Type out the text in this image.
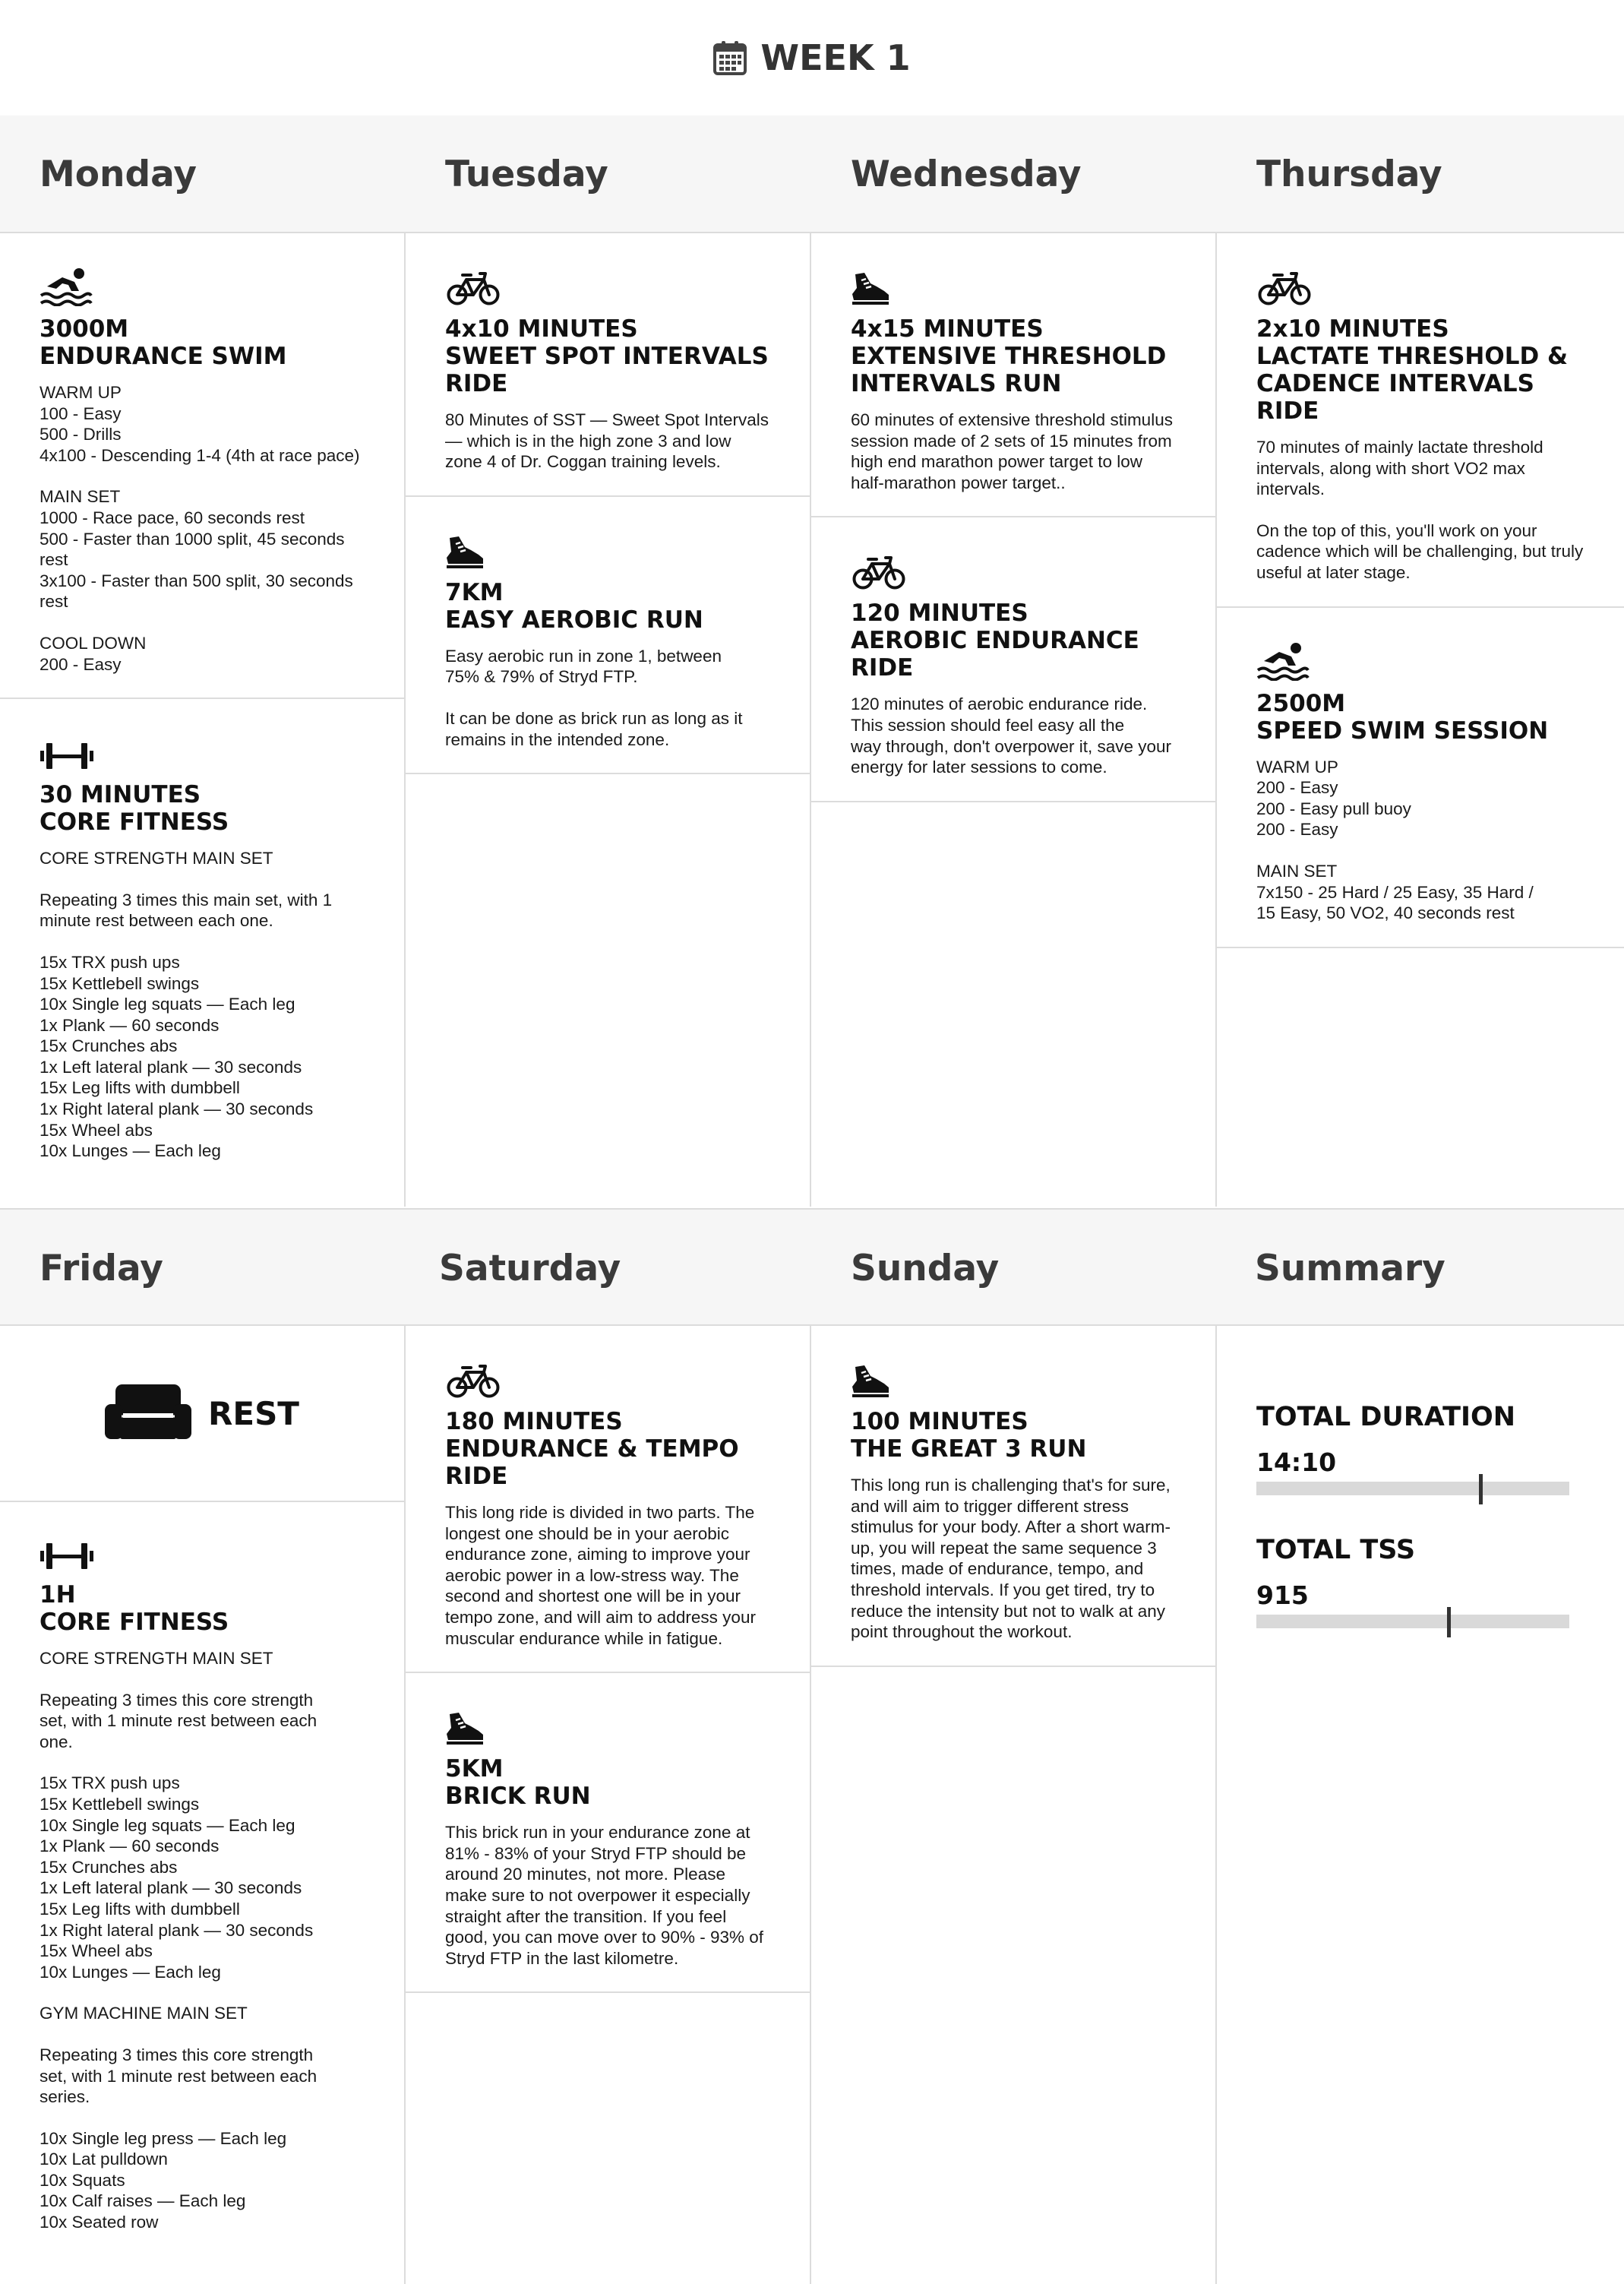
WEEK 1
Monday	Tuesday	Wednesday	Thursday
3000M
ENDURANCE SWIM

WARM UP
100 - Easy
500 - Drills
4x100 - Descending 1-4 (4th at race pace)

MAIN SET
1000 - Race pace, 60 seconds rest
500 - Faster than 1000 split, 45 seconds rest
3x100 - Faster than 500 split, 30 seconds rest

COOL DOWN
200 - Easy

30 MINUTES
CORE FITNESS

CORE STRENGTH MAIN SET

Repeating 3 times this main set, with 1 minute rest between each one.

15x TRX push ups
15x Kettlebell swings
10x Single leg squats — Each leg
1x Plank — 60 seconds
15x Crunches abs
1x Left lateral plank — 30 seconds
15x Leg lifts with dumbbell
1x Right lateral plank — 30 seconds
15x Wheel abs
10x Lunges — Each leg

4x10 MINUTES
SWEET SPOT INTERVALS RIDE

80 Minutes of SST — Sweet Spot Intervals — which is in the high zone 3 and low zone 4 of Dr. Coggan training levels.

7KM
EASY AEROBIC RUN

Easy aerobic run in zone 1, between
75% & 79% of Stryd FTP.

It can be done as brick run as long as it remains in the intended zone.

4x15 MINUTES
EXTENSIVE THRESHOLD INTERVALS RUN

60 minutes of extensive threshold stimulus session made of 2 sets of 15 minutes from high end marathon power target to low half-marathon power target..

120 MINUTES
AEROBIC ENDURANCE RIDE

120 minutes of aerobic endurance ride.
This session should feel easy all the
way through, don't overpower it, save your energy for later sessions to come.

2x10 MINUTES
LACTATE THRESHOLD & CADENCE INTERVALS RIDE

70 minutes of mainly lactate threshold intervals, along with short VO2 max intervals.

On the top of this, you'll work on your cadence which will be challenging, but truly useful at later stage.

2500M
SPEED SWIM SESSION

WARM UP
200 - Easy
200 - Easy pull buoy
200 - Easy

MAIN SET
7x150 - 25 Hard / 25 Easy, 35 Hard /
15 Easy, 50 VO2, 40 seconds rest

Friday	Saturday	Sunday	Summary
REST
1H
CORE FITNESS

CORE STRENGTH MAIN SET

Repeating 3 times this core strength
set, with 1 minute rest between each one.

15x TRX push ups
15x Kettlebell swings
10x Single leg squats — Each leg
1x Plank — 60 seconds
15x Crunches abs
1x Left lateral plank — 30 seconds
15x Leg lifts with dumbbell
1x Right lateral plank — 30 seconds
15x Wheel abs
10x Lunges — Each leg

GYM MACHINE MAIN SET

Repeating 3 times this core strength
set, with 1 minute rest between each series.

10x Single leg press — Each leg
10x Lat pulldown
10x Squats
10x Calf raises — Each leg
10x Seated row

180 MINUTES
ENDURANCE & TEMPO RIDE

This long ride is divided in two parts. The longest one should be in your aerobic endurance zone, aiming to improve your aerobic power in a low-stress way. The second and shortest one will be in your tempo zone, and will aim to address your muscular endurance while in fatigue.

5KM
BRICK RUN

This brick run in your endurance zone at 81% - 83% of your Stryd FTP should be around 20 minutes, not more. Please make sure to not overpower it especially straight after the transition. If you feel good, you can move over to 90% - 93% of Stryd FTP in the last kilometre.

100 MINUTES
THE GREAT 3 RUN

This long run is challenging that's for sure, and will aim to trigger different stress stimulus for your body. After a short warm-up, you will repeat the same sequence 3 times, made of endurance, tempo, and threshold intervals. If you get tired, try to reduce the intensity but not to walk at any point throughout the workout.

TOTAL DURATION
14:10
TOTAL TSS
915
